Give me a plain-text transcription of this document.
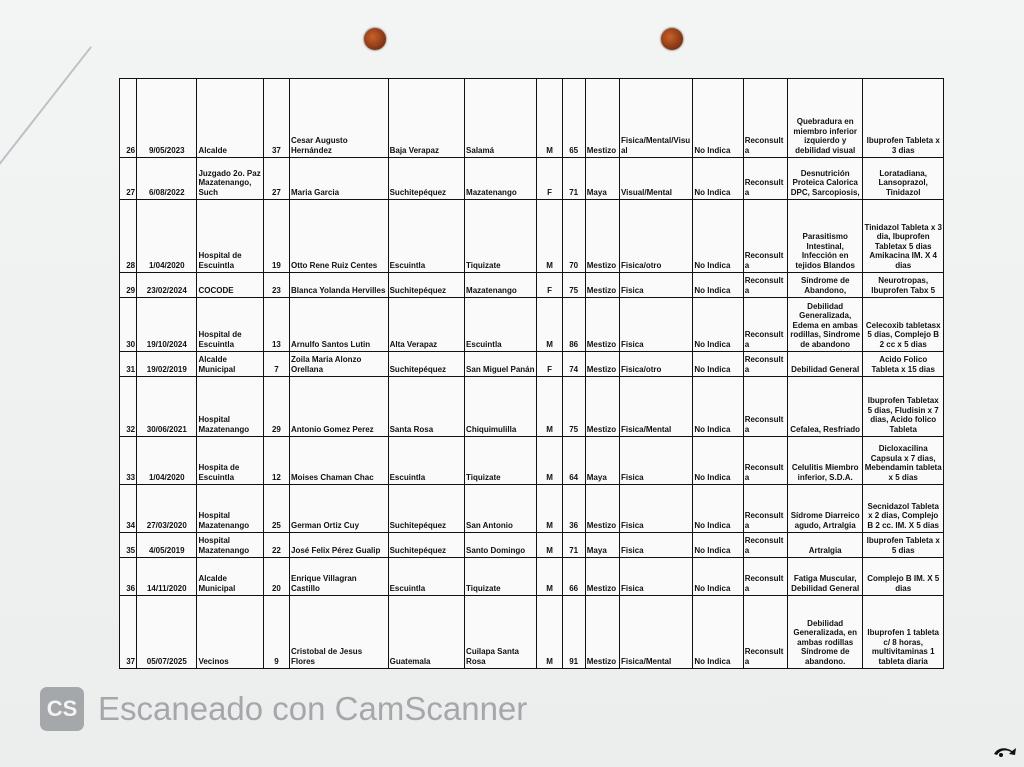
26	9/05/2023	Alcalde	37	Cesar Augusto Hernández	Baja Verapaz	Salamá	M	65	Mestizo	Fisica/Mental/Visual	No Indica	Reconsulta	Quebradura en miembro inferior izquierdo y debilidad visual	Ibuprofen Tableta x 3 dias
27	6/08/2022	Juzgado 2o. Paz Mazatenango, Such	27	Maria Garcia	Suchitepéquez	Mazatenango	F	71	Maya	Visual/Mental	No Indica	Reconsulta	Desnutrición Proteica Calorica DPC, Sarcopiosis,	Loratadiana, Lansoprazol, Tinidazol
28	1/04/2020	Hospital de Escuintla	19	Otto Rene Ruiz Centes	Escuintla	Tiquizate	M	70	Mestizo	Fisica/otro	No Indica	Reconsulta	Parasitismo Intestinal, Infección en tejidos Blandos	Tinidazol Tableta x 3 dia, Ibuprofen Tabletax 5 dias Amikacina IM. X 4 dias
29	23/02/2024	COCODE	23	Blanca Yolanda Hervilles	Suchitepéquez	Mazatenango	F	75	Mestizo	Fisica	No Indica	Reconsulta	Síndrome de Abandono,	Neurotropas, Ibuprofen Tabx 5
30	19/10/2024	Hospital de Escuintla	13	Arnulfo Santos Lutin	Alta Verapaz	Escuintla	M	86	Mestizo	Fisica	No Indica	Reconsulta	Debilidad Generalizada, Edema en ambas rodillas, Sindrome de abandono	Celecoxib tabletasx 5 dias, Complejo B 2 cc x 5 dias
31	19/02/2019	Alcalde Municipal	7	Zoila Maria Alonzo Orellana	Suchitepéquez	San Miguel Panán	F	74	Mestizo	Fisica/otro	No Indica	Reconsulta	Debilidad General	Acido Folico Tableta x 15 dias
32	30/06/2021	Hospital Mazatenango	29	Antonio Gomez Perez	Santa Rosa	Chiquimulilla	M	75	Mestizo	Fisica/Mental	No Indica	Reconsulta	Cefalea, Resfriado	Ibuprofen Tabletax 5 dias, Fludisin x 7 dias, Acido folico Tableta
33	1/04/2020	Hospita de Escuintla	12	Moises Chaman Chac	Escuintla	Tiquizate	M	64	Maya	Fisica	No Indica	Reconsulta	Celulitis Miembro inferior, S.D.A.	Dicloxacilina Capsula x 7 dias, Mebendamin tableta x 5 dias
34	27/03/2020	Hospital Mazatenango	25	German Ortiz Cuy	Suchitepéquez	San Antonio	M	36	Mestizo	Fisica	No Indica	Reconsulta	Sídrome Diarreico agudo, Artralgia	Secnidazol Tableta x 2 dias, Complejo B 2 cc. IM. X 5 dias
35	4/05/2019	Hospital Mazatenango	22	José Felix Pérez Gualip	Suchitepéquez	Santo Domingo	M	71	Maya	Fisica	No Indica	Reconsulta	Artralgia	Ibuprofen Tableta x 5 dias
36	14/11/2020	Alcalde Municipal	20	Enrique Villagran Castillo	Escuintla	Tiquizate	M	66	Mestizo	Fisica	No Indica	Reconsulta	Fatiga Muscular, Debilidad General	Complejo B IM. X 5 dias
37	05/07/2025	Vecinos	9	Cristobal de Jesus Flores	Guatemala	Cuilapa Santa Rosa	M	91	Mestizo	Fisica/Mental	No Indica	Reconsulta	Debilidad Generalizada, en ambas rodillas Síndrome de abandono.	Ibuprofen 1 tableta c/ 8 horas, multivitaminas 1 tableta diaria
CS Escaneado con CamScanner
